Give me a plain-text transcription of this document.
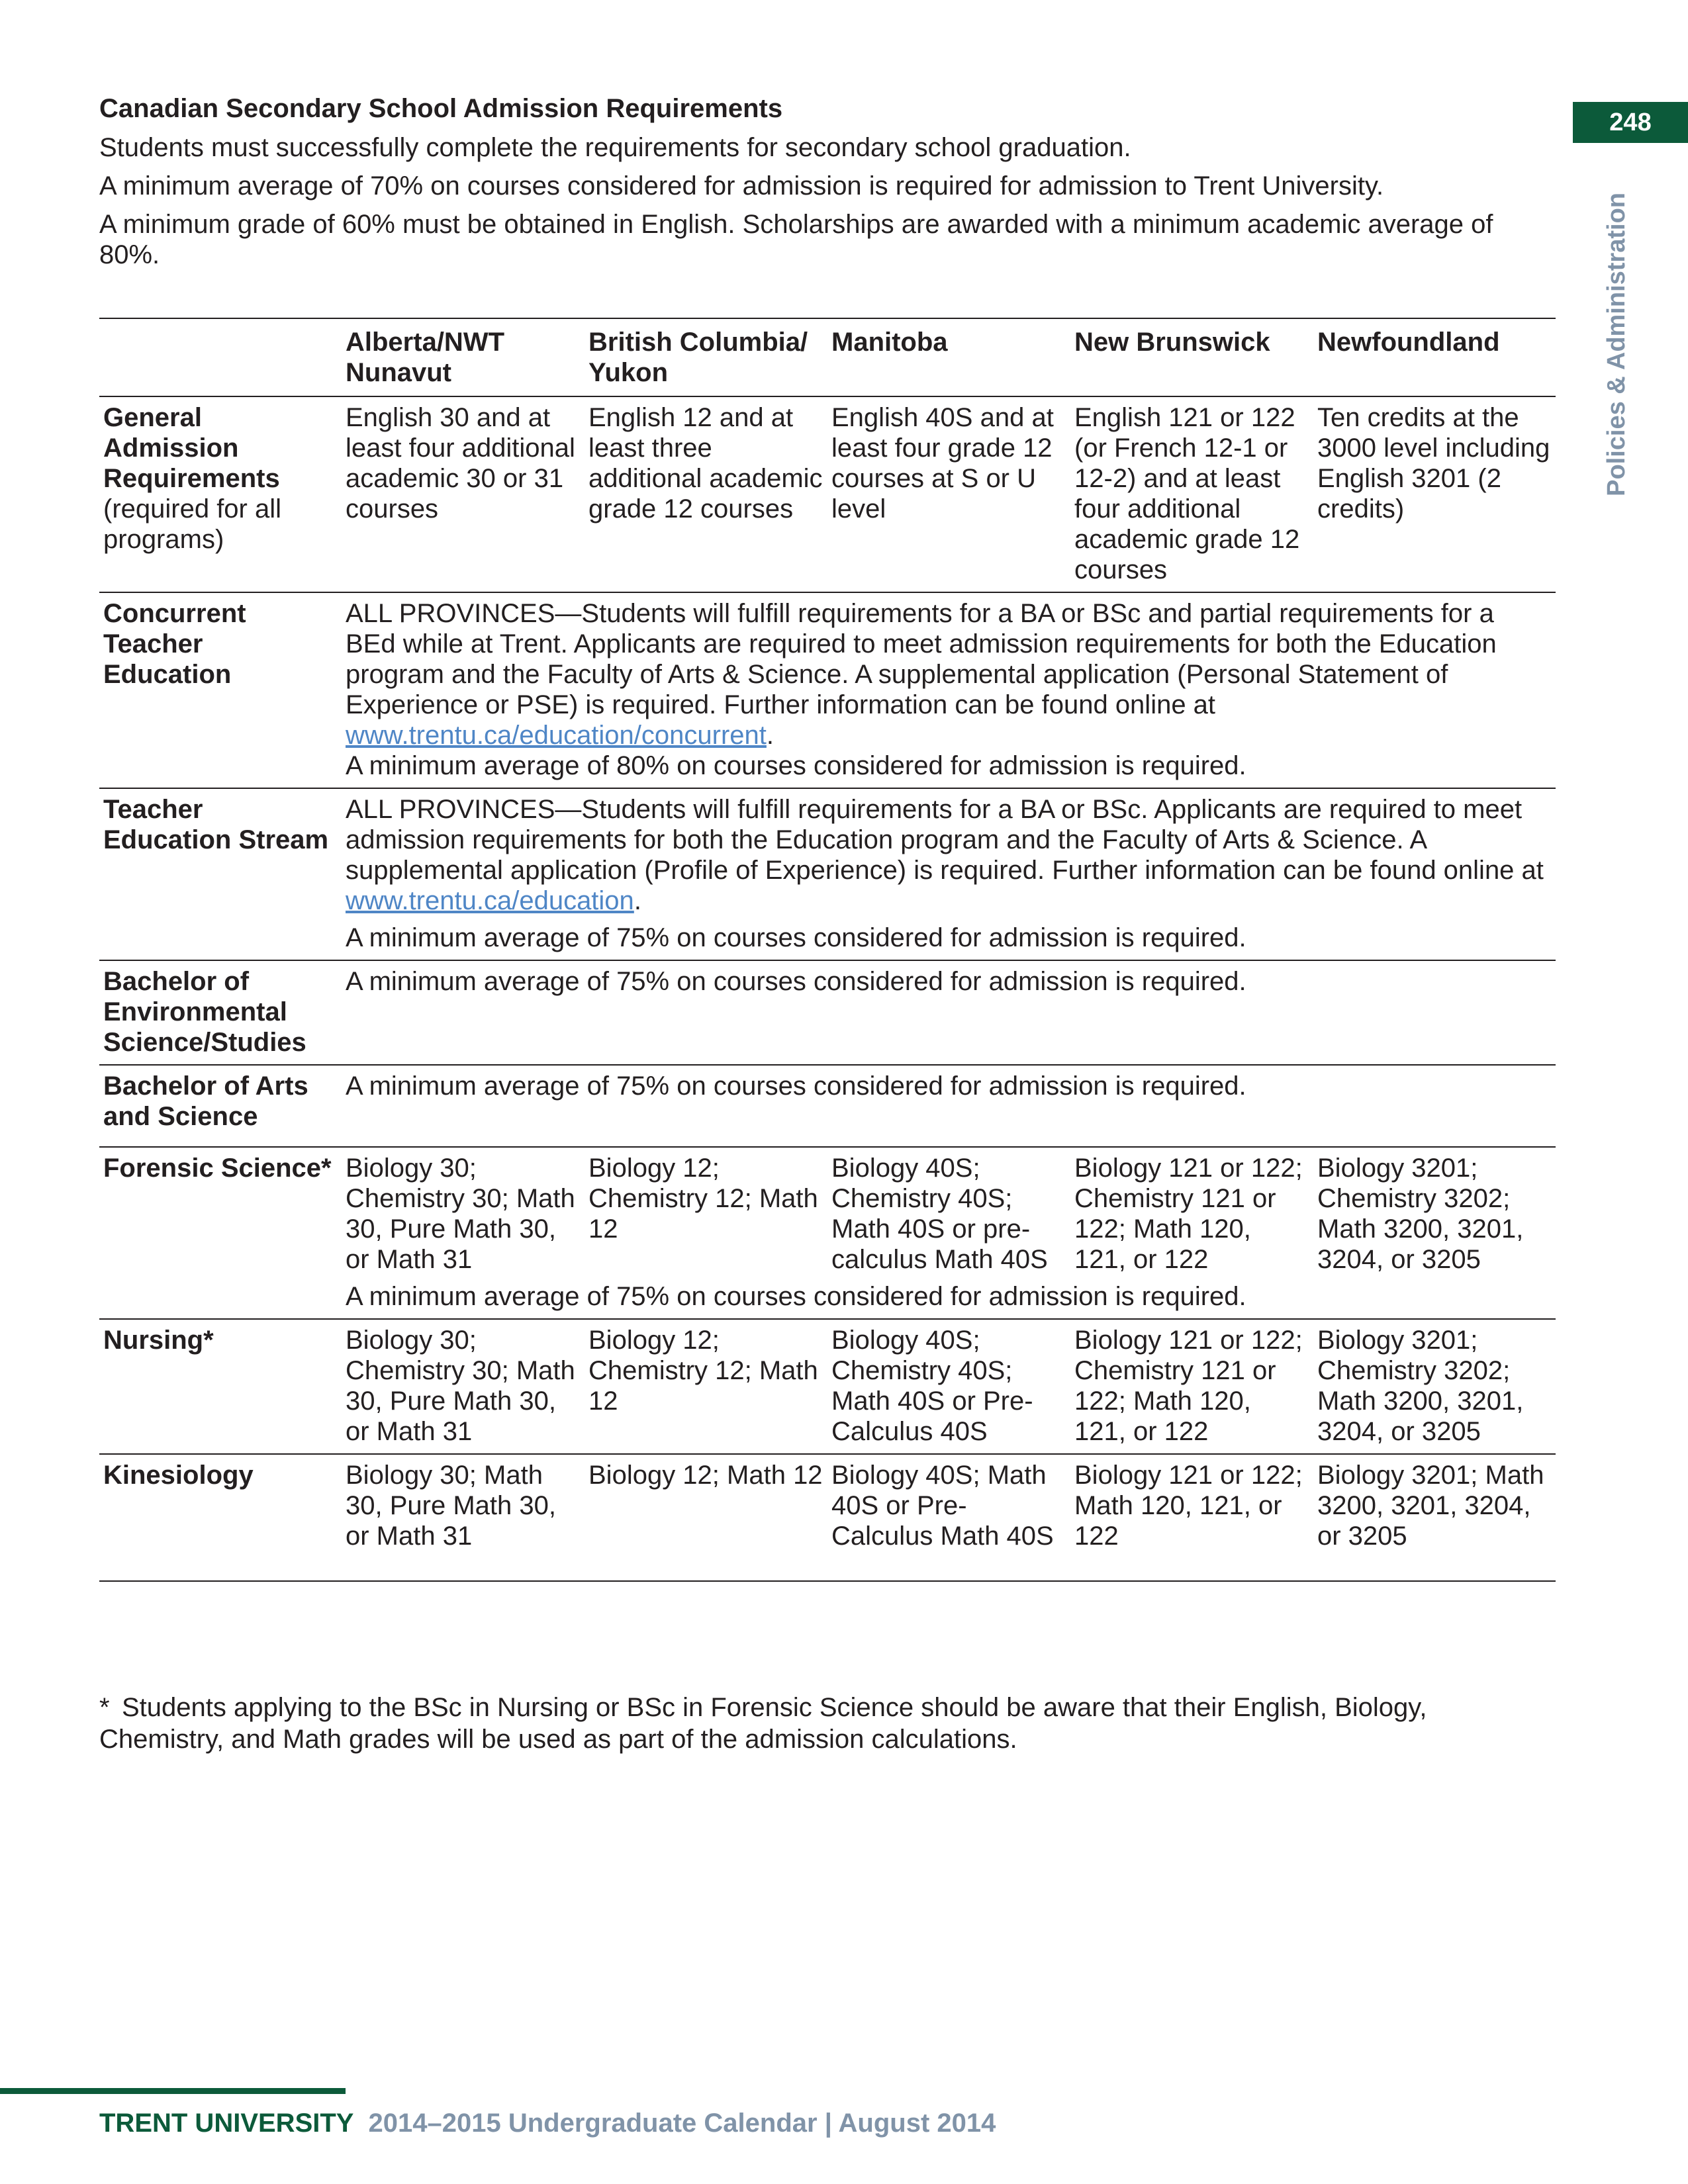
Canadian Secondary School Admission Requirements

Students must successfully complete the requirements for secondary school graduation.

A minimum average of 70% on courses considered for admission is required for admission to Trent University.

A minimum grade of 60% must be obtained in English. Scholarships are awarded with a minimum academic average of 80%.

248
Policies & Administration
	Alberta/NWT Nunavut	British Columbia/ Yukon	Manitoba	New Brunswick	Newfoundland
General Admission Requirements
(required for all programs)	English 30 and at least four additional academic 30 or 31 courses	English 12 and at least three additional academic grade 12 courses	English 40S and at least four grade 12 courses at S or U level	English 121 or 122 (or French 12-1 or 12-2) and at least four additional academic grade 12 courses	Ten credits at the 3000 level including English 3201 (2 credits)
Concurrent Teacher Education	ALL PROVINCES—Students will fulfill requirements for a BA or BSc and partial requirements for a BEd while at Trent. Applicants are required to meet admission requirements for both the Education program and the Faculty of Arts & Science. A supplemental application (Personal Statement of Experience or PSE) is required. Further information can be found online at www.trentu.ca/education/concurrent.
A minimum average of 80% on courses considered for admission is required.				
Teacher Education Stream	ALL PROVINCES—Students will fulfill requirements for a BA or BSc. Applicants are required to meet admission requirements for both the Education program and the Faculty of Arts & Science. A supplemental application (Profile of Experience) is required. Further information can be found online at www.trentu.ca/education.
A minimum average of 75% on courses considered for admission is required.				
Bachelor of Environmental Science/Studies	A minimum average of 75% on courses considered for admission is required.				
Bachelor of Arts and Science	A minimum average of 75% on courses considered for admission is required.				
Forensic Science*	Biology 30; Chemistry 30; Math 30, Pure Math 30, or Math 31	Biology 12; Chemistry 12; Math 12	Biology 40S; Chemistry 40S; Math 40S or pre-calculus Math 40S	Biology 121 or 122; Chemistry 121 or 122; Math 120, 121, or 122	Biology 3201; Chemistry 3202; Math 3200, 3201, 3204, or 3205
	A minimum average of 75% on courses considered for admission is required.				
Nursing*	Biology 30; Chemistry 30; Math 30, Pure Math 30, or Math 31	Biology 12; Chemistry 12; Math 12	Biology 40S; Chemistry 40S; Math 40S or Pre-Calculus 40S	Biology 121 or 122; Chemistry 121 or 122; Math 120, 121, or 122	Biology 3201; Chemistry 3202; Math 3200, 3201, 3204, or 3205
Kinesiology	Biology 30; Math 30, Pure Math 30, or Math 31	Biology 12; Math 12	Biology 40S; Math 40S or Pre-Calculus Math 40S	Biology 121 or 122; Math 120, 121, or 122	Biology 3201; Math 3200, 3201, 3204, or 3205
* Students applying to the BSc in Nursing or BSc in Forensic Science should be aware that their English, Biology, Chemistry, and Math grades will be used as part of the admission calculations.
TRENT UNIVERSITY 2014–2015 Undergraduate Calendar | August 2014
